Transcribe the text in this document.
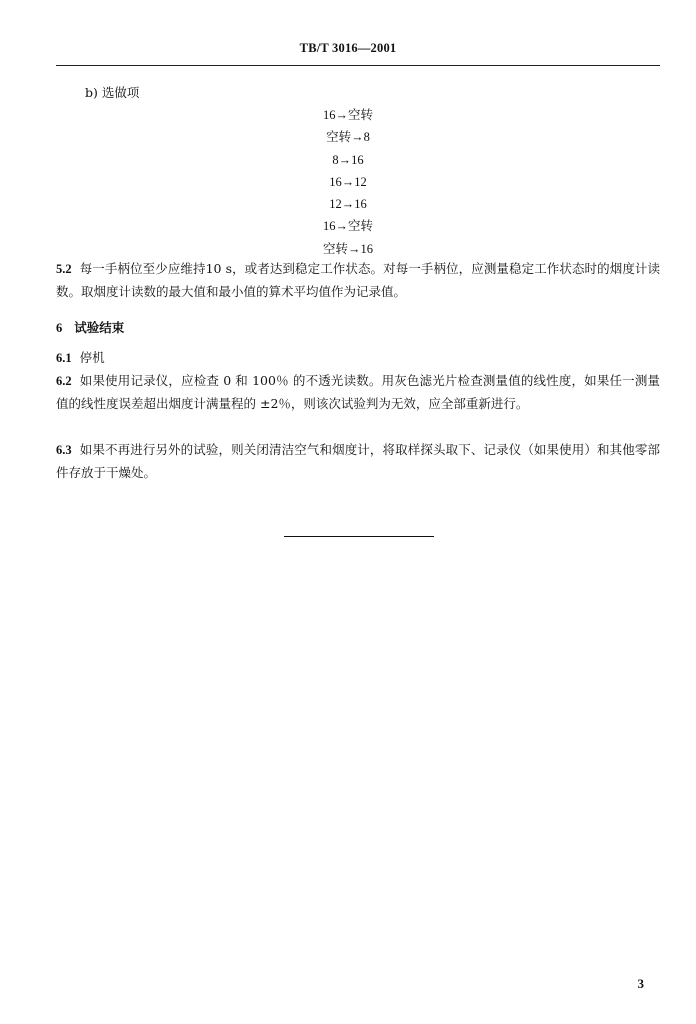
TB/T 3016—2001
b) 选做项
16→空转
空转→8
8→16
16→12
12→16
16→空转
空转→16

5.2 每一手柄位至少应维持10 s，或者达到稳定工作状态。对每一手柄位，应测量稳定工作状态时的烟度计读数。取烟度计读数的最大值和最小值的算术平均值作为记录值。

6 试验结束

6.1 停机

6.2 如果使用记录仪，应检查 0 和 100％ 的不透光读数。用灰色滤光片检查测量值的线性度，如果任一测量值的线性度误差超出烟度计满量程的 ±2％，则该次试验判为无效，应全部重新进行。

6.3 如果不再进行另外的试验，则关闭清洁空气和烟度计，将取样探头取下、记录仪（如果使用）和其他零部件存放于干燥处。

3
